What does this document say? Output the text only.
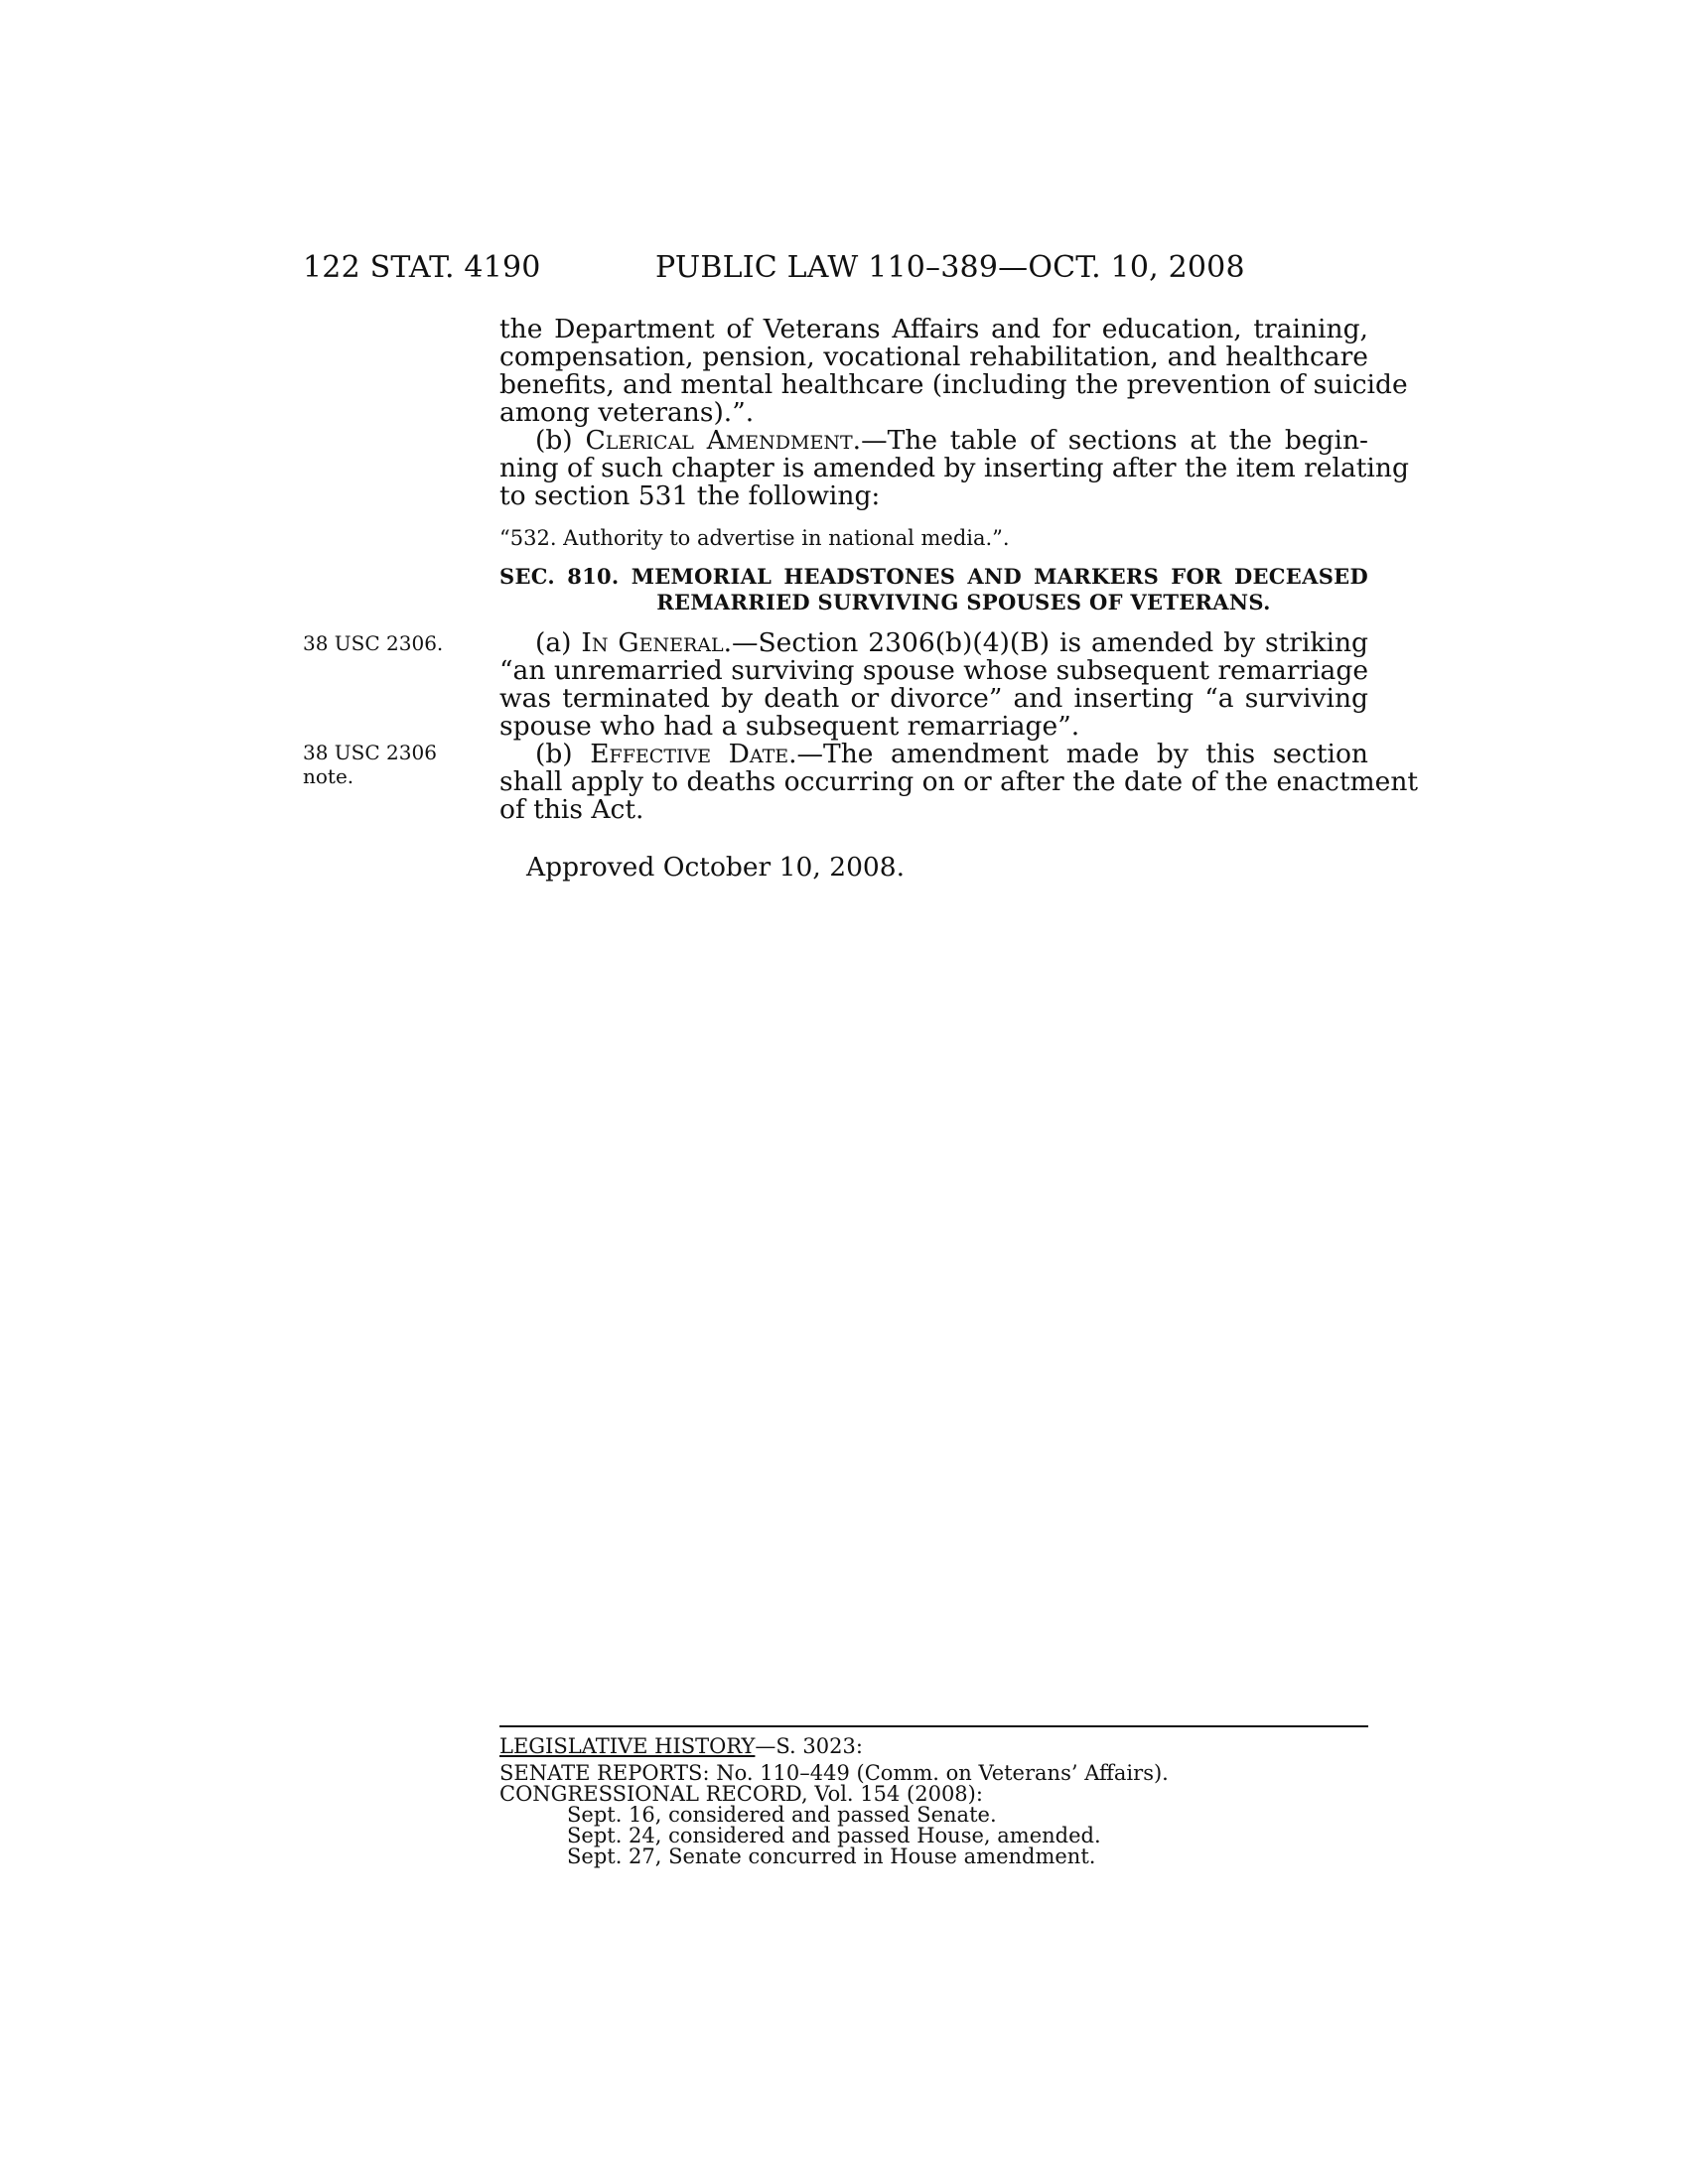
122 STAT. 4190	PUBLIC LAW 110–389—OCT. 10, 2008
the Department of Veterans Affairs and for education, training,
compensation, pension, vocational rehabilitation, and healthcare
benefits, and mental healthcare (including the prevention of suicide
among veterans).”.
(b) Clerical Amendment.—The table of sections at the begin-
ning of such chapter is amended by inserting after the item relating
to section 531 the following:
“532. Authority to advertise in national media.”.
SEC. 810. MEMORIAL HEADSTONES AND MARKERS FOR DECEASED
REMARRIED SURVIVING SPOUSES OF VETERANS.
38 USC 2306.	(a) In General.—Section 2306(b)(4)(B) is amended by striking
“an unremarried surviving spouse whose subsequent remarriage
was terminated by death or divorce” and inserting “a surviving
spouse who had a subsequent remarriage”.
38 USC 2306
note.
(b) Effective Date.—The amendment made by this section
shall apply to deaths occurring on or after the date of the enactment
of this Act.
Approved October 10, 2008.
LEGISLATIVE HISTORY—S. 3023:
SENATE REPORTS: No. 110–449 (Comm. on Veterans’ Affairs).
CONGRESSIONAL RECORD, Vol. 154 (2008):
Sept. 16, considered and passed Senate.
Sept. 24, considered and passed House, amended.
Sept. 27, Senate concurred in House amendment.
